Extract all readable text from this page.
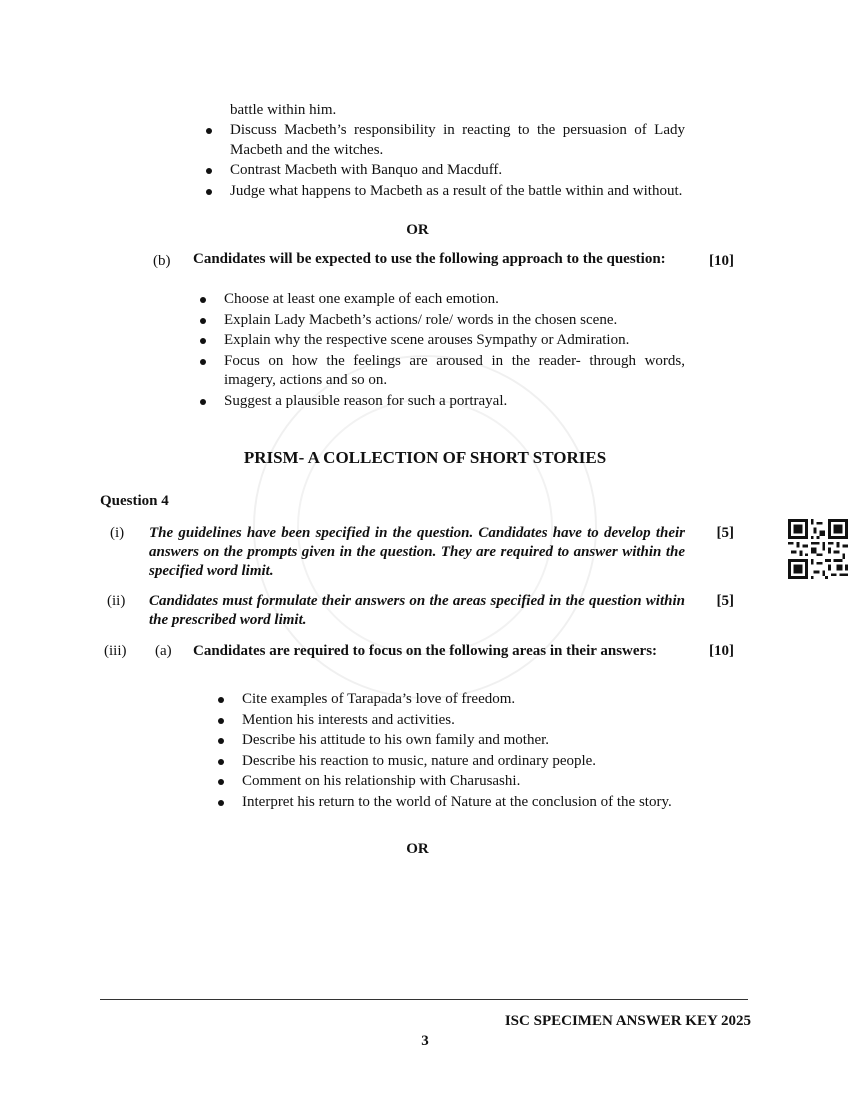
battle within him.
Discuss Macbeth’s responsibility in reacting to the persuasion of Lady Macbeth and the witches.
Contrast Macbeth with Banquo and Macduff.
Judge what happens to Macbeth as a result of the battle within and without.
OR
(b) Candidates will be expected to use the following approach to the question:	[10]
Choose at least one example of each emotion.
Explain Lady Macbeth’s actions/ role/ words in the chosen scene.
Explain why the respective scene arouses Sympathy or Admiration.
Focus on how the feelings are aroused in the reader- through words, imagery, actions and so on.
Suggest a plausible reason for such a portrayal.
PRISM- A COLLECTION OF SHORT STORIES
Question 4
(i) The guidelines have been specified in the question. Candidates have to develop their answers on the prompts given in the question. They are required to answer within the specified word limit.
[5]
(ii) Candidates must formulate their answers on the areas specified in the question within the prescribed word limit.
[5]
(iii) (a) Candidates are required to focus on the following areas in their answers:	[10]
Cite examples of Tarapada’s love of freedom.
Mention his interests and activities.
Describe his attitude to his own family and mother.
Describe his reaction to music, nature and ordinary people.
Comment on his relationship with Charusashi.
Interpret his return to the world of Nature at the conclusion of the story.
OR
ISC SPECIMEN ANSWER KEY 2025
3
